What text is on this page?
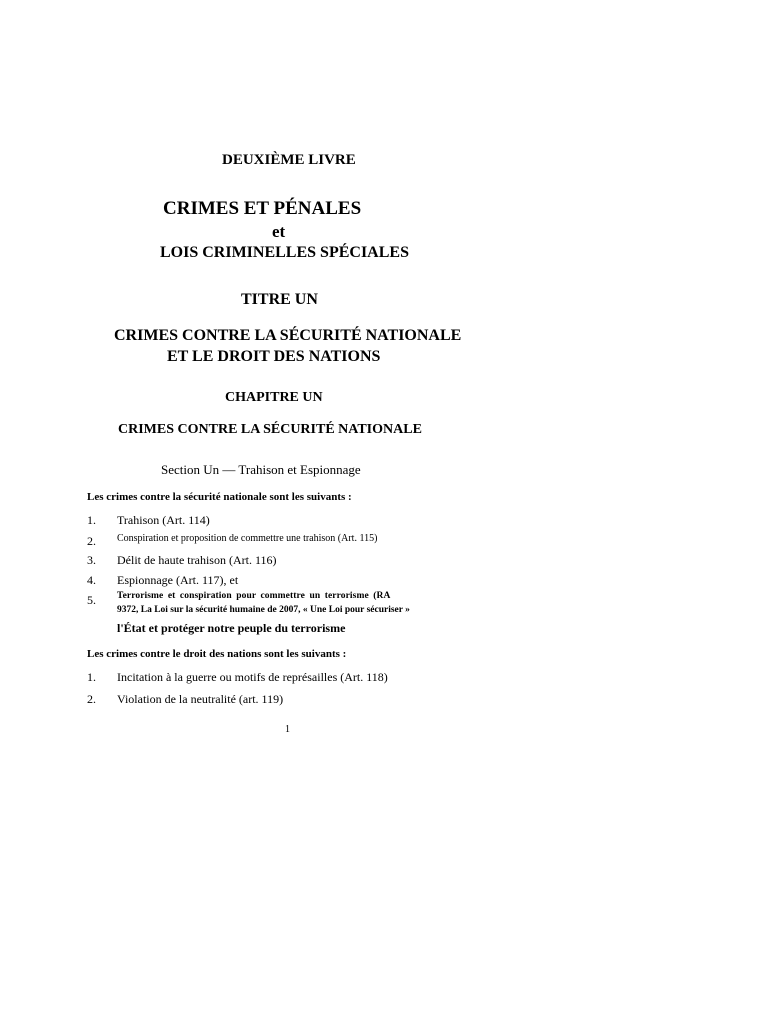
DEUXIÈME LIVRE
CRIMES ET PÉNALES
et
LOIS CRIMINELLES SPÉCIALES
TITRE UN
CRIMES CONTRE LA SÉCURITÉ NATIONALE
ET LE DROIT DES NATIONS
CHAPITRE UN
CRIMES CONTRE LA SÉCURITÉ NATIONALE
Section Un — Trahison et Espionnage
Les crimes contre la sécurité nationale sont les suivants :
1. Trahison (Art. 114)
2. Conspiration et proposition de commettre une trahison (Art. 115)
3. Délit de haute trahison (Art. 116)
4. Espionnage (Art. 117), et
5. Terrorisme et conspiration pour commettre un terrorisme (RA
9372, La Loi sur la sécurité humaine de 2007, « Une Loi pour sécuriser »
l'État et protéger notre peuple du terrorisme
Les crimes contre le droit des nations sont les suivants :
1. Incitation à la guerre ou motifs de représailles (Art. 118)
2. Violation de la neutralité (art. 119)
1
